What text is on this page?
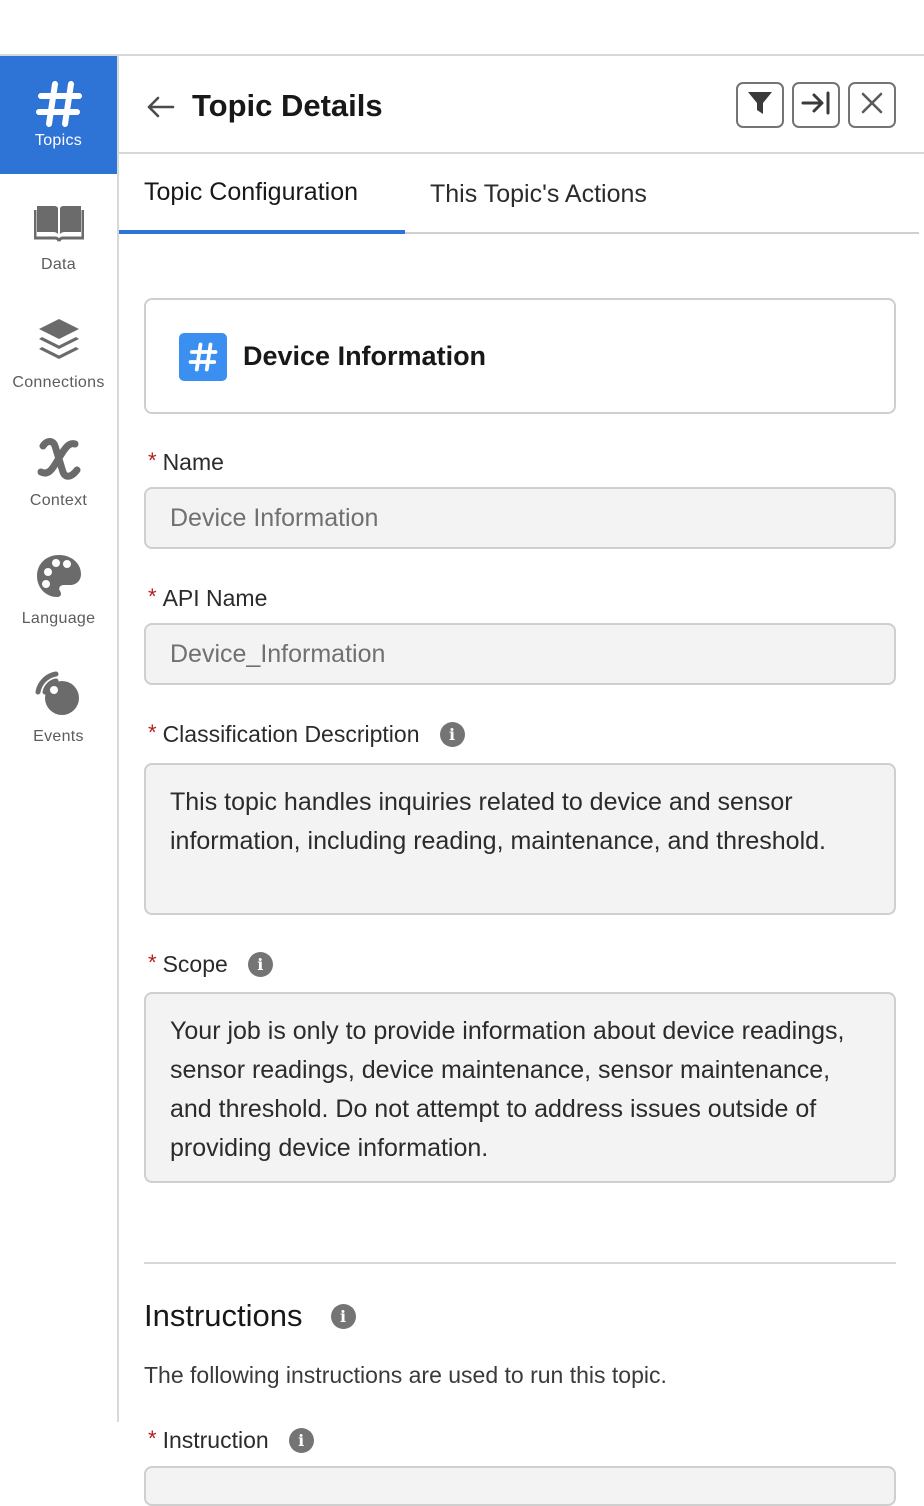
Topics
Data
Connections
Context
Language
Events
Topic Details
Topic Configuration	This Topic's Actions
Device Information
* Name
Device Information
* API Name
Device_Information
* Classification Description	i
This topic handles inquiries related to device and sensor information, including reading, maintenance, and threshold.
* Scope	i
Your job is only to provide information about device readings, sensor readings, device maintenance, sensor maintenance, and threshold. Do not attempt to address issues outside of providing device information.
Instructions	i
The following instructions are used to run this topic.
* Instruction	i
